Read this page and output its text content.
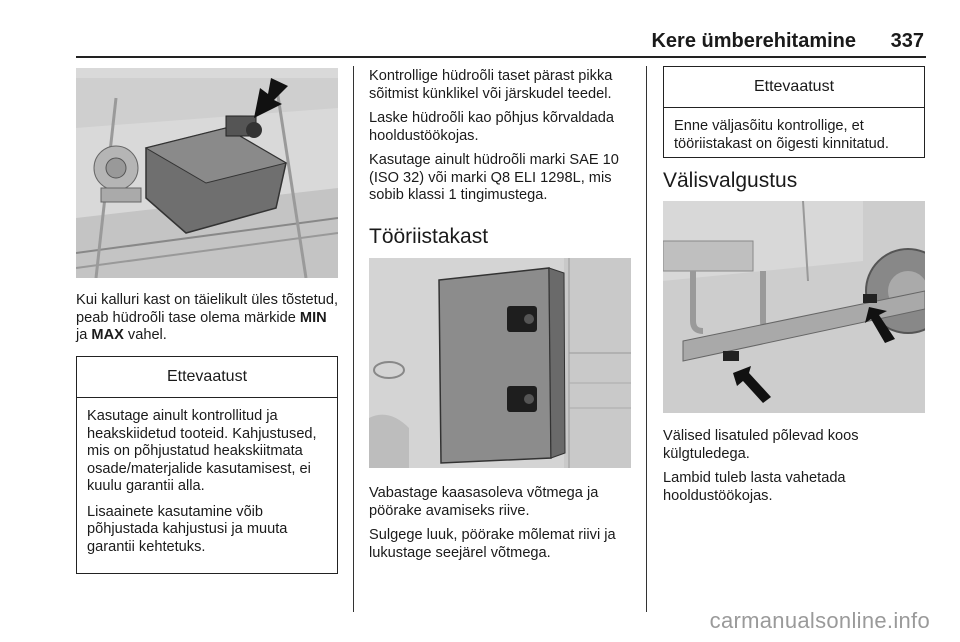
Kere ümberehitamine 337

Kui kalluri kast on täielikult üles tõstetud, peab hüdroõli tase olema märkide MIN ja MAX vahel.

Ettevaatust

Kasutage ainult kontrollitud ja heakskiidetud tooteid. Kahjustused, mis on põhjustatud heakskiitmata osade/materjalide kasutamisest, ei kuulu garantii alla.

Lisaainete kasutamine võib põhjustada kahjustusi ja muuta garantii kehtetuks.

Kontrollige hüdroõli taset pärast pikka sõitmist künklikel või järskudel teedel.

Laske hüdroõli kao põhjus kõrvaldada hooldustöökojas.

Kasutage ainult hüdroõli marki SAE 10 (ISO 32) või marki Q8 ELI 1298L, mis sobib klassi 1 tingimustega.

Tööriistakast

Vabastage kaasasoleva võtmega ja pöörake avamiseks riive.

Sulgege luuk, pöörake mõlemat riivi ja lukustage seejärel võtmega.

Ettevaatust

Enne väljasõitu kontrollige, et tööriistakast on õigesti kinnitatud.

Välisvalgustus

Välised lisatuled põlevad koos külgtuledega.

Lambid tuleb lasta vahetada hooldustöökojas.

carmanualsonline.info
